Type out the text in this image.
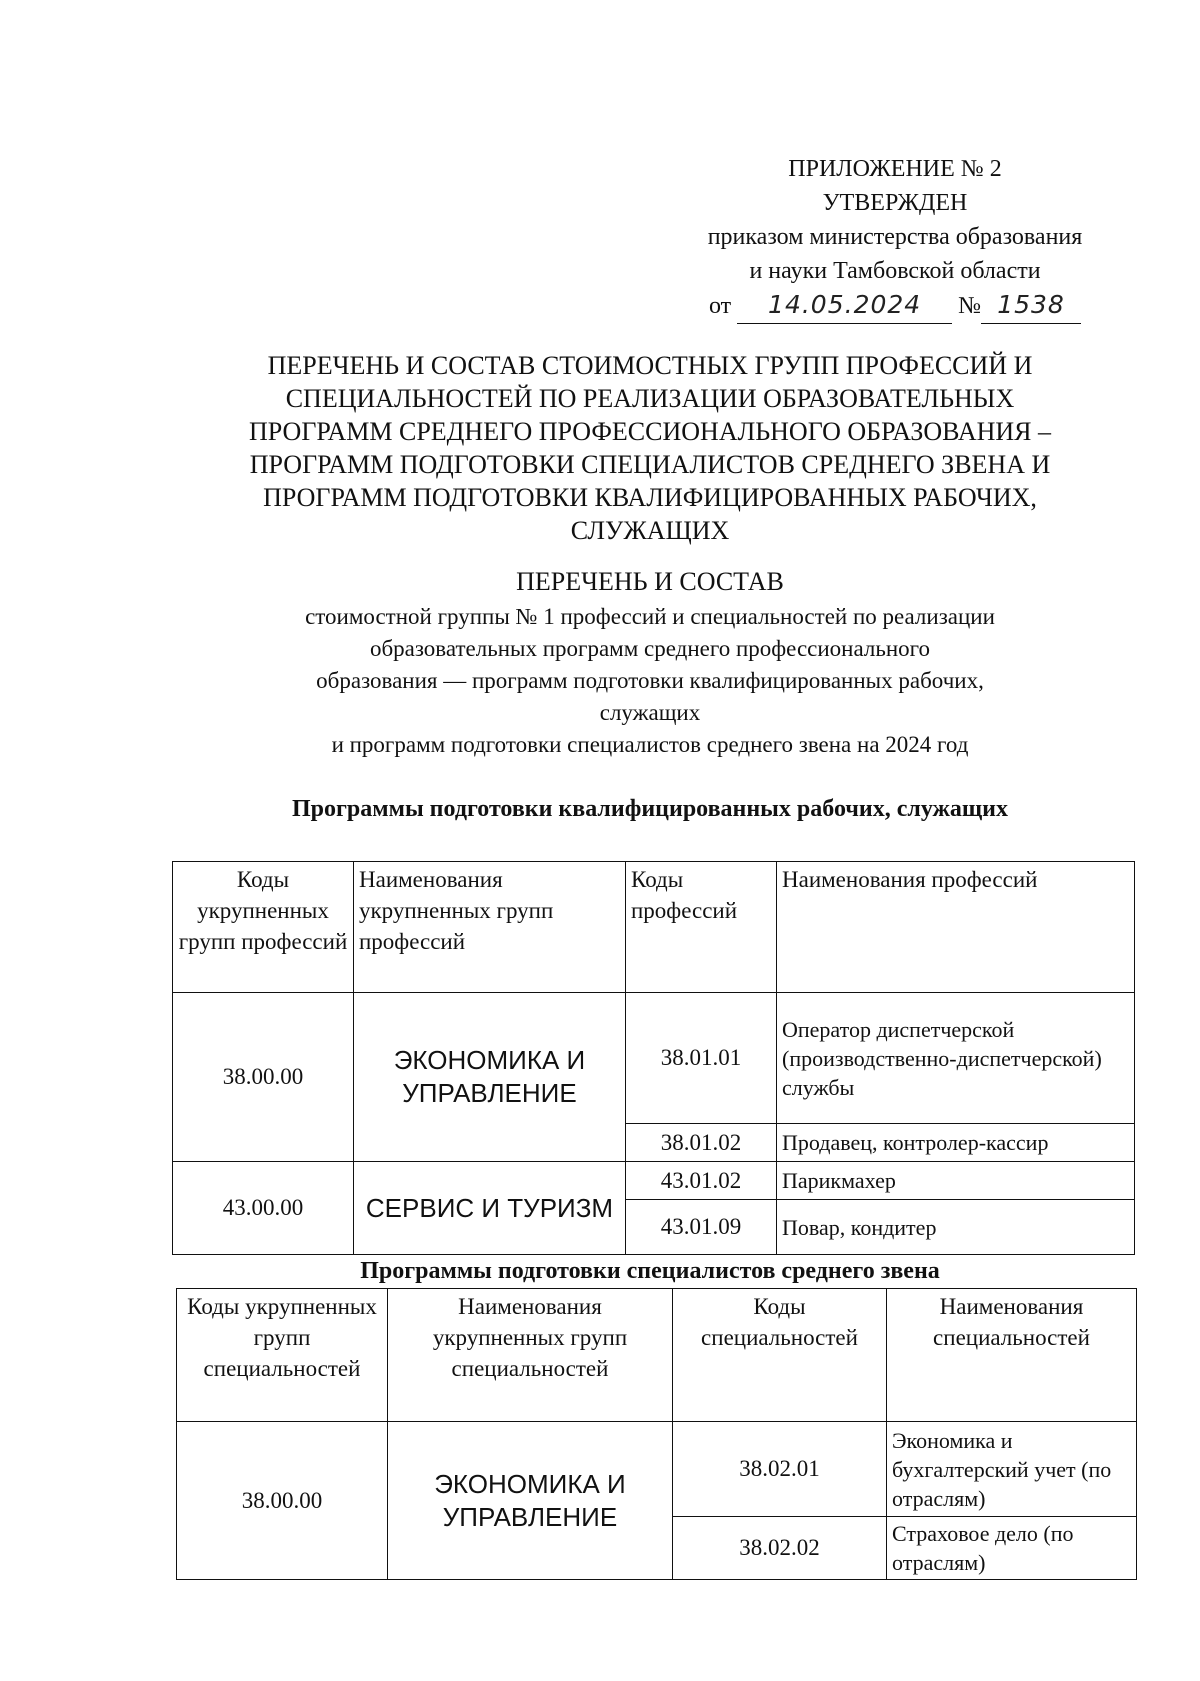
ПРИЛОЖЕНИЕ № 2
УТВЕРЖДЕН
приказом министерства образования
и науки Тамбовской области
от 14.05.2024 № 1538
ПЕРЕЧЕНЬ И СОСТАВ СТОИМОСТНЫХ ГРУПП ПРОФЕССИЙ И
СПЕЦИАЛЬНОСТЕЙ ПО РЕАЛИЗАЦИИ ОБРАЗОВАТЕЛЬНЫХ
ПРОГРАММ СРЕДНЕГО ПРОФЕССИОНАЛЬНОГО ОБРАЗОВАНИЯ –
ПРОГРАММ ПОДГОТОВКИ СПЕЦИАЛИСТОВ СРЕДНЕГО ЗВЕНА И
ПРОГРАММ ПОДГОТОВКИ КВАЛИФИЦИРОВАННЫХ РАБОЧИХ,
СЛУЖАЩИХ
ПЕРЕЧЕНЬ И СОСТАВ
стоимостной группы № 1 профессий и специальностей по реализации
образовательных программ среднего профессионального
образования — программ подготовки квалифицированных рабочих,
служащих
и программ подготовки специалистов среднего звена на 2024 год
Программы подготовки квалифицированных рабочих, служащих
Коды укрупненных групп профессий	Наименования укрупненных групп профессий	Коды профессий	Наименования профессий
38.00.00	ЭКОНОМИКА И УПРАВЛЕНИЕ	38.01.01	Оператор диспетчерской (производственно-диспетчерской) службы
		38.01.02	Продавец, контролер-кассир
43.00.00	СЕРВИС И ТУРИЗМ	43.01.02	Парикмахер
		43.01.09	Повар, кондитер
Программы подготовки специалистов среднего звена
Коды укрупненных групп специальностей	Наименования укрупненных групп специальностей	Коды специальностей	Наименования специальностей
38.00.00	ЭКОНОМИКА И УПРАВЛЕНИЕ	38.02.01	Экономика и бухгалтерский учет (по отраслям)
		38.02.02	Страховое дело (по отраслям)
